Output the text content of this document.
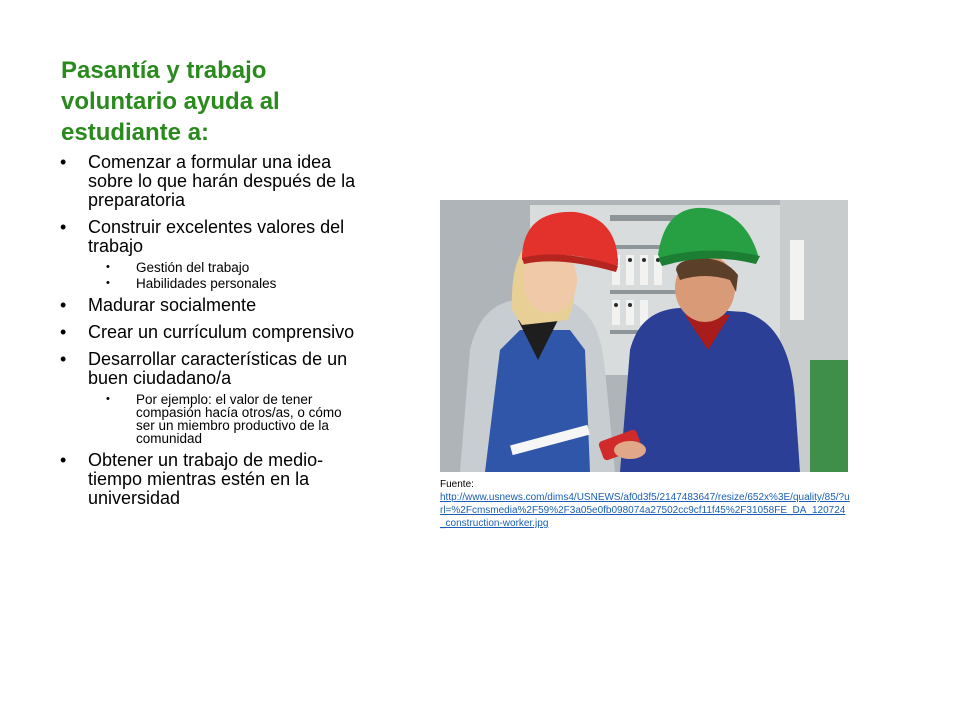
Pasantía y trabajo voluntario ayuda al estudiante a:
• Comenzar a formular una idea sobre lo que harán después de la preparatoria
• Construir excelentes valores del trabajo
• Gestión del trabajo
• Habilidades personales
• Madurar socialmente
• Crear un currículum comprensivo
• Desarrollar características de un buen ciudadano/a
• Por ejemplo: el valor de tener compasión hacía otros/as, o cómo ser un miembro productivo de la comunidad
• Obtener un trabajo de medio-tiempo mientras estén en la universidad
Fuente:
http://www.usnews.com/dims4/USNEWS/af0d3f5/2147483647/resize/652x%3E/quality/85/?url=%2Fcmsmedia%2F59%2F3a05e0fb098074a27502cc9cf11f45%2F31058FE_DA_120724_construction-worker.jpg
